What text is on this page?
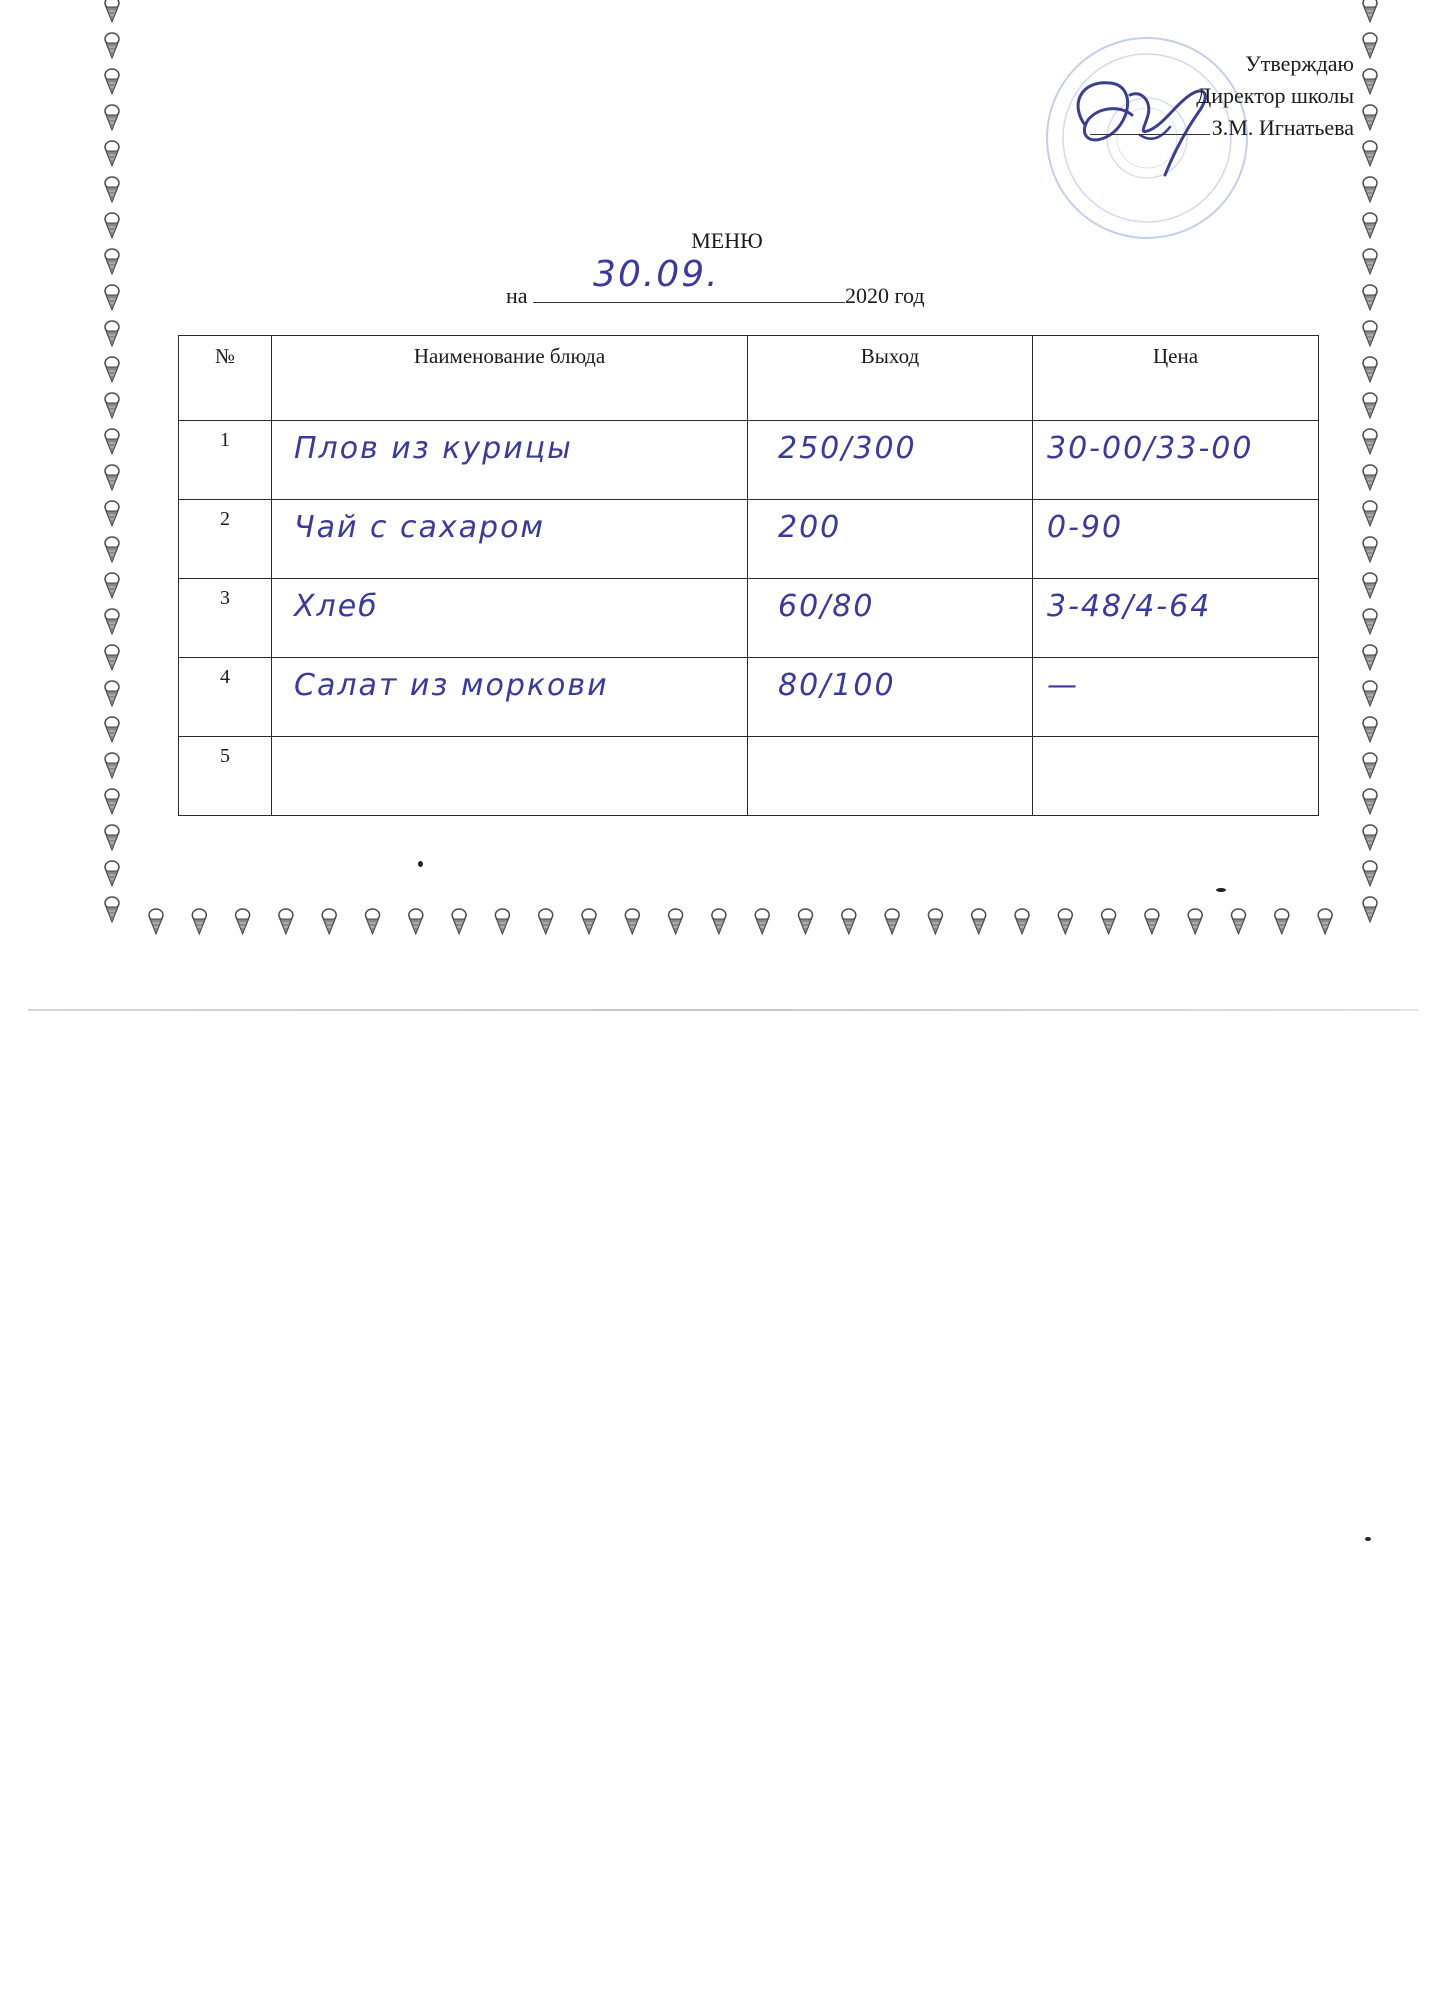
Утверждаю
Директор школы
З.М. Игнатьева
МЕНЮ
на
30.09.
2020 год
№	Наименование блюда	Выход	Цена
1	Плов из курицы	250/300	30-00/33-00

2	Чай с сахаром	200	0-90

3	Хлеб	60/80	3-48/4-64

4	Салат из моркови	80/100	—

5	
